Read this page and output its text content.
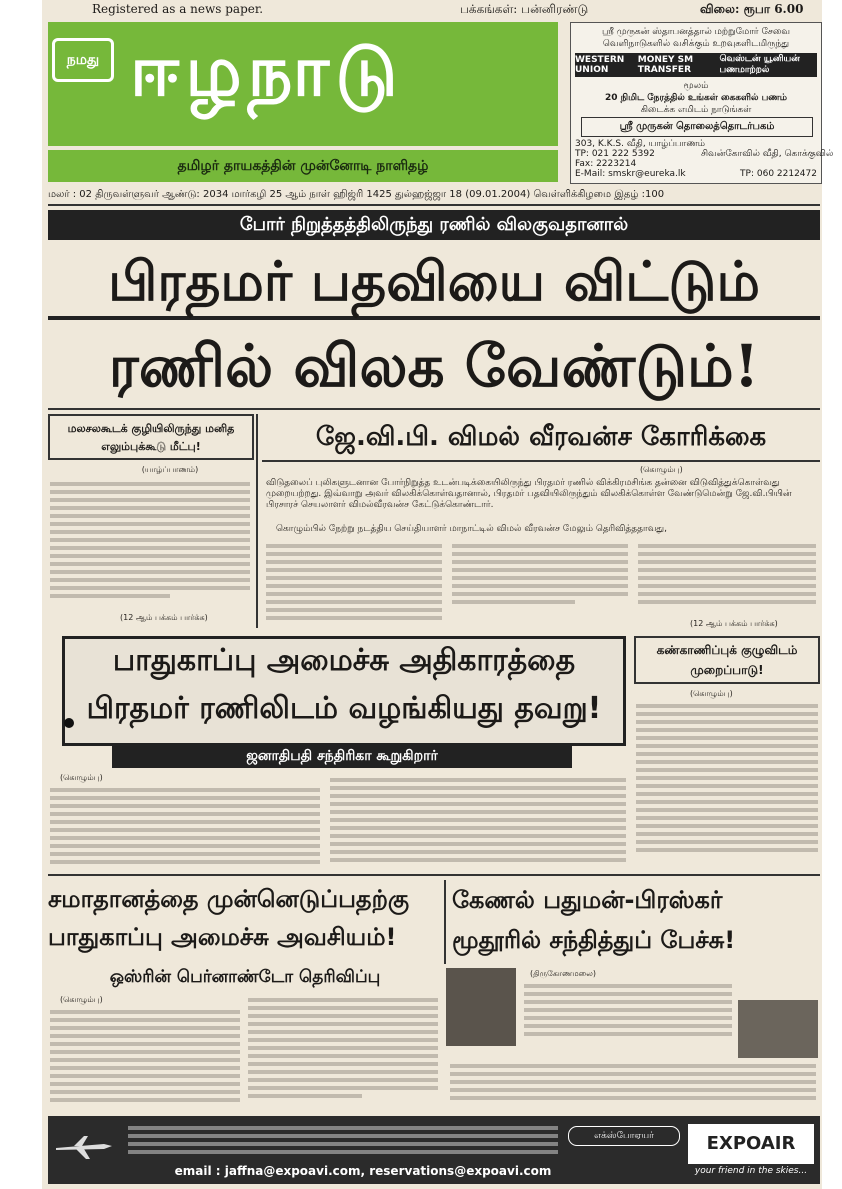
Registered as a news paper.	பக்கங்கள்: பன்னிரண்டு	விலை: ரூபா 6.00
நமது ஈழநாடு
தமிழர் தாயகத்தின் முன்னோடி நாளிதழ்
ஸ்ரீ முருகன் ஸ்தாபனத்தால் மற்றுமோர் சேவை
வெளிநாடுகளில் வசிக்கும் உறவுகளிடமிருந்து
WESTERN UNION
MONEY SM TRANSFER
வெஸ்டன் யூனியன் பணமாற்றல்
மூலம்
20 நிமிட நேரத்தில் உங்கள் கைகளில் பணம்
கிடைக்க எமிடம் நாடுங்கள்
ஸ்ரீ முருகன் தொலைத்தொடர்பகம்
303, K.K.S. வீதி, யாழ்ப்பாணம்
TP: 021 222 5392
Fax: 2223214
E-Mail: smskr@eureka.lk
சிவன்கோவில் வீதி, கொக்குவில்
TP: 060 2212472
மலர் : 02 திருவள்ளுவர் ஆண்டு: 2034 மார்கழி 25 ஆம் நாள் ஹிஜ்ரி 1425 துல்ஹஜ்ஜா 18 (09.01.2004) வெள்ளிக்கிழமை இதழ் :100
போர் நிறுத்தத்திலிருந்து ரணில் விலகுவதானால்
பிரதமர் பதவியை விட்டும்
ரணில் விலக வேண்டும்!
மலசலகூடக் குழியிலிருந்து மனித எலும்புக்கூடு மீட்பு!
(யாழ்ப்பாணம்)
(12 ஆம் பக்கம் பார்க்க)
ஜே.வி.பி. விமல் வீரவன்ச கோரிக்கை
(கொழும்பு)
விடுதலைப் புலிகளுடனான போர்நிறுத்த உடன்படிக்கையிலிருந்து பிரதமர் ரணில் விக்கிரமசிங்க தன்னை விடுவித்துக்கொள்வது முறையற்றது. இவ்வாறு அவர் விலகிக்கொள்வதானால், பிரதமர் பதவியிலிருந்தும் விலகிக்கொள்ள வேண்டுமென்று ஜே.வி.பியின் பிரசாரச் செயலாளர் விமல்வீரவன்ச கேட்டுக்கொண்டார்.
கொழும்பில் நேற்று நடத்திய செய்தியாளர் மாநாட்டில் விமல் வீரவன்ச மேலும் தெரிவித்ததாவது,
(12 ஆம் பக்கம் பார்க்க)
பாதுகாப்பு அமைச்சு அதிகாரத்தை
பிரதமர் ரணிலிடம் வழங்கியது தவறு!
ஜனாதிபதி சந்திரிகா கூறுகிறார்
(கொழும்பு)
கண்காணிப்புக் குழுவிடம் முறைப்பாடு!
(கொழும்பு)
சமாதானத்தை முன்னெடுப்பதற்கு
பாதுகாப்பு அமைச்சு அவசியம்!
ஒஸ்ரின் பெர்னாண்டோ தெரிவிப்பு
(கொழும்பு)
கேணல் பதுமன்-பிரஸ்கர்
மூதூரில் சந்தித்துப் பேச்சு!
(திருகோணமலை)
எக்ஸ்போஏயர்
email : jaffna@expoavi.com, reservations@expoavi.com
EXPOAIR
your friend in the skies...
